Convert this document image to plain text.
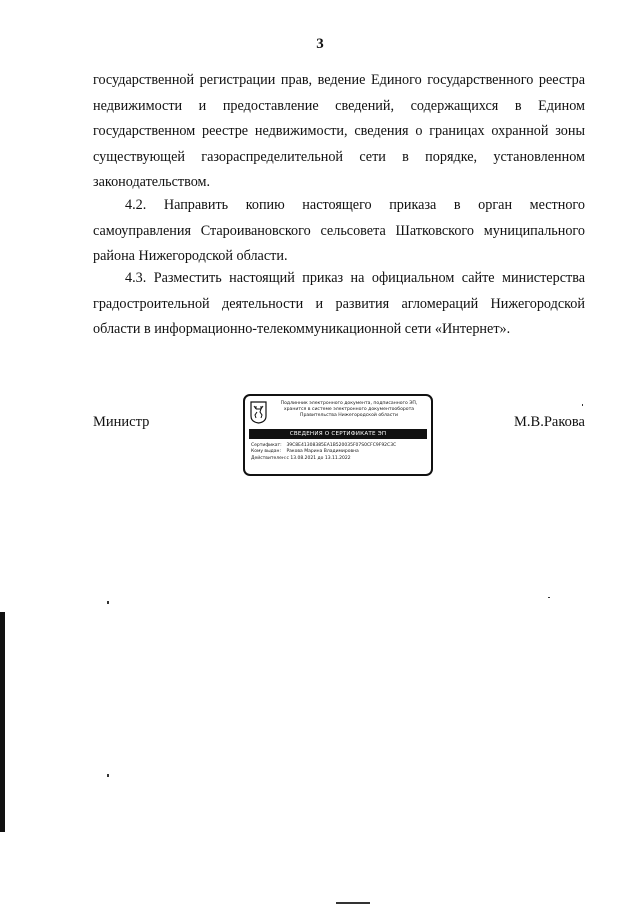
3

государственной регистрации прав, ведение Единого государственного реестра недвижимости и предоставление сведений, содержащихся в Едином государственном реестре недвижимости, сведения о границах охранной зоны существующей газораспределительной сети в порядке, установленном законодательством.

4.2. Направить копию настоящего приказа в орган местного самоуправления Староивановского сельсовета Шатковского муниципального района Нижегородской области.

4.3. Разместить настоящий приказ на официальном сайте министерства градостроительной деятельности и развития агломераций Нижегородской области в информационно-телекоммуникационной сети «Интернет».

Министр	М.В.Ракова
Подлинник электронного документа, подписанного ЭП,
хранится в системе электронного документооборота
Правительства Нижегородской области
СВЕДЕНИЯ О СЕРТИФИКАТЕ ЭП
Сертификат: 39C8E41308385EA1B520035F07S0CFC9F92C3C
Кому выдан: Ракова Марина Владимировна
Действителен: с 13.08.2021 до 13.11.2022
